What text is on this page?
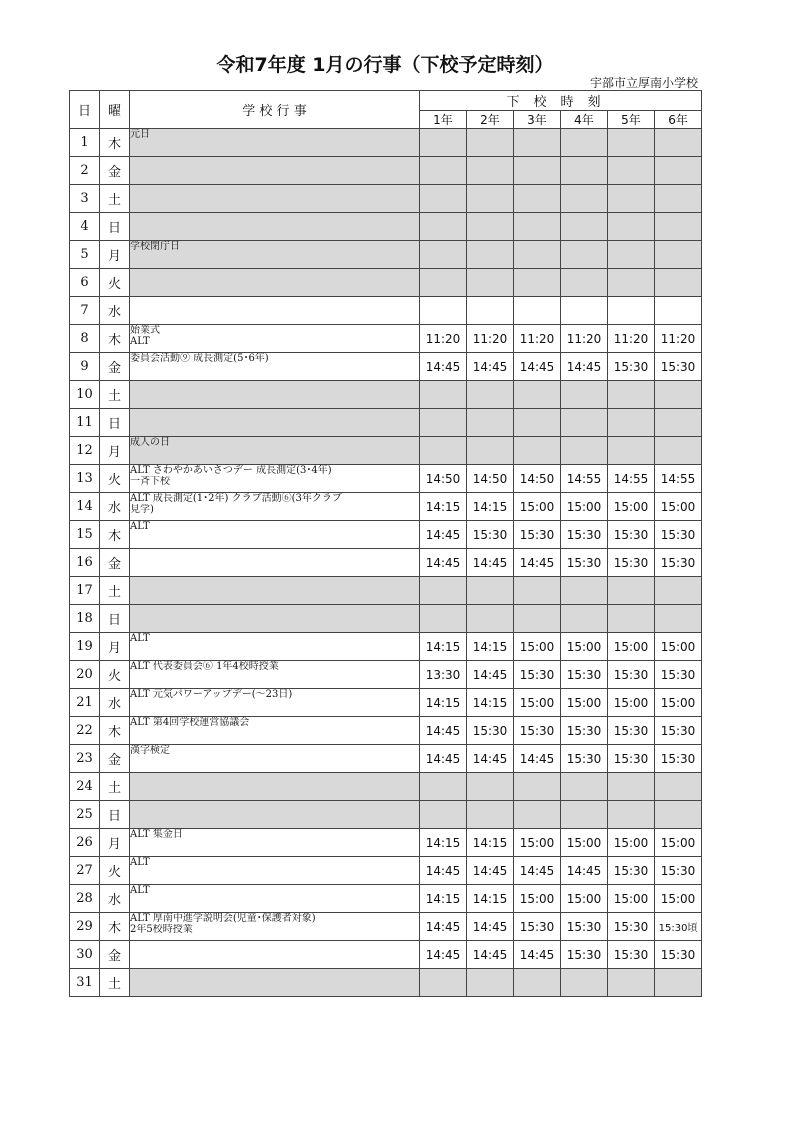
令和7年度 1月の行事（下校予定時刻）
宇部市立厚南小学校
日	曜	学 校 行 事	下校時刻					
			1年	2年	3年	4年	5年	6年
1	木	元日						

2	金							
3	土							
4	日							
5	月	学校閉庁日						

6	火							
7	水							
8	木	始業式
ALT	11:20	11:20	11:20	11:20	11:20	11:20
9	金	委員会活動⑨ 成長測定(5･6年)	14:45	14:45	14:45	14:45	15:30	15:30
10	土							
11	日							
12	月	成人の日						

13	火	ALT さわやかあいさつデー 成長測定(3･4年)
一斉下校	14:50	14:50	14:50	14:55	14:55	14:55
14	水	ALT 成長測定(1･2年) クラブ活動⑥(3年クラブ
見学)	14:15	14:15	15:00	15:00	15:00	15:00
15	木	ALT	14:45	15:30	15:30	15:30	15:30	15:30
16	金		14:45	14:45	14:45	15:30	15:30	15:30
17	土							
18	日							
19	月	ALT	14:15	14:15	15:00	15:00	15:00	15:00
20	火	ALT 代表委員会⑥ 1年4校時授業	13:30	14:45	15:30	15:30	15:30	15:30
21	水	ALT 元気パワーアップデー(～23日)	14:15	14:15	15:00	15:00	15:00	15:00
22	木	ALT 第4回学校運営協議会	14:45	15:30	15:30	15:30	15:30	15:30
23	金	漢字検定	14:45	14:45	14:45	15:30	15:30	15:30
24	土							
25	日							
26	月	ALT 集金日	14:15	14:15	15:00	15:00	15:00	15:00
27	火	ALT	14:45	14:45	14:45	14:45	15:30	15:30
28	水	ALT	14:15	14:15	15:00	15:00	15:00	15:00
29	木	ALT 厚南中進学説明会(児童･保護者対象)
2年5校時授業	14:45	14:45	15:30	15:30	15:30	15:30頃
30	金		14:45	14:45	14:45	15:30	15:30	15:30
31	土							
